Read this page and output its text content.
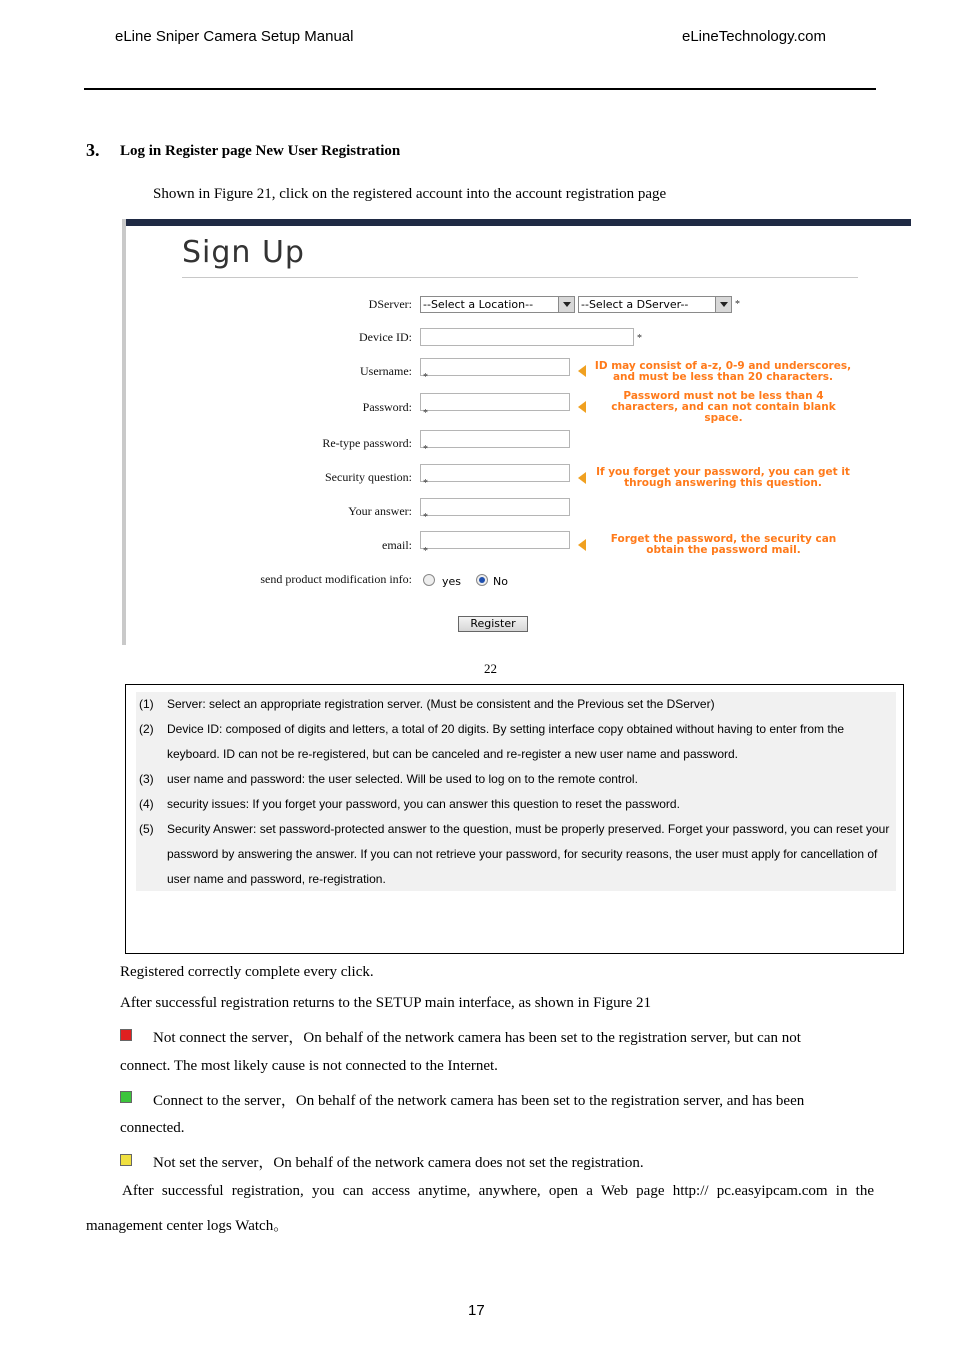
eLine Sniper Camera Setup Manual	eLineTechnology.com
3. Log in Register page New User Registration
Shown in Figure 21, click on the registered account into the account registration page
Sign Up
DServer: --Select a Location--	--Select a DServer--	*
Device ID:	*
Username: *
ID may consist of a-z, 0-9 and underscores, and must be less than 20 characters.
Password: *
Password must not be less than 4 characters, and can not contain blank space.
Re-type password: *
Security question: *
If you forget your password, you can get it through answering this question.
Your answer: *
email: *
Forget the password, the security can obtain the password mail.
send product modification info:	yes	No
Register
22
(1) Server: select an appropriate registration server. (Must be consistent and the Previous set the DServer)
(2) Device ID: composed of digits and letters, a total of 20 digits. By setting interface copy obtained without having to enter from the
keyboard. ID can not be re-registered, but can be canceled and re-register a new user name and password.
(3) user name and password: the user selected. Will be used to log on to the remote control.
(4) security issues: If you forget your password, you can answer this question to reset the password.
(5) Security Answer: set password-protected answer to the question, must be properly preserved. Forget your password, you can reset your
password by answering the answer. If you can not retrieve your password, for security reasons, the user must apply for cancellation of
user name and password, re-registration.
Registered correctly complete every click.
After successful registration returns to the SETUP main interface, as shown in Figure 21
Not connect the server，On behalf of the network camera has been set to the registration server, but can not
connect. The most likely cause is not connected to the Internet.
Connect to the server，On behalf of the network camera has been set to the registration server, and has been
connected.
Not set the server，On behalf of the network camera does not set the registration.
After successful registration, you can access anytime, anywhere, open a Web page http:// pc.easyipcam.com in the
management center logs Watch。
17
